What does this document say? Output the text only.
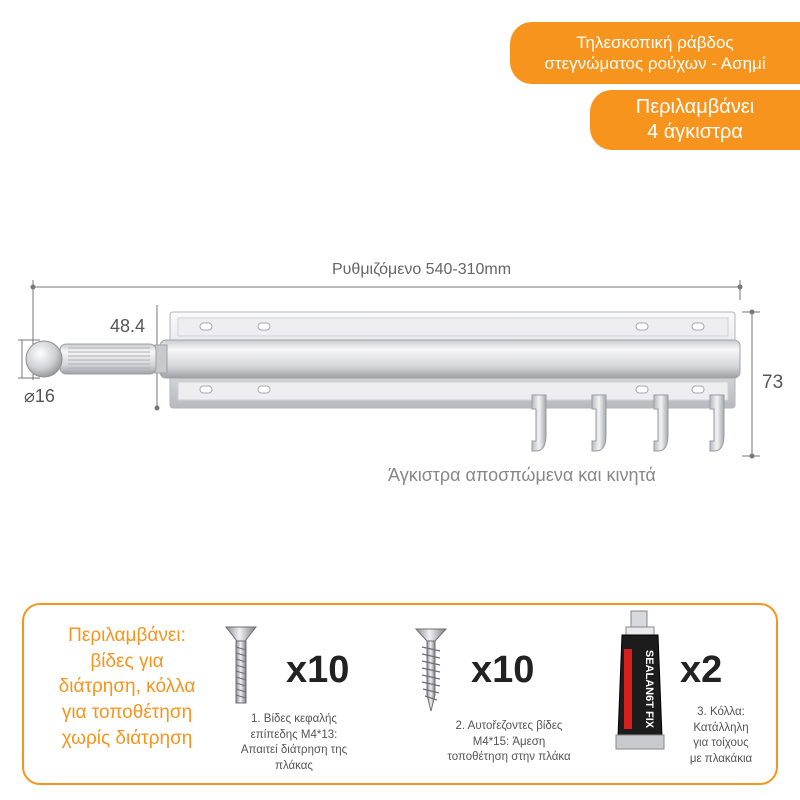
Τηλεσκοπική ράβδος
στεγνώματος ρούχων - Ασημί
Περιλαμβάνει
4 άγκιστρα
Ρυθμιζόμενο 540-310mm
48.4
⌀16
73
Άγκιστρα αποσπώμενα και κινητά
Περιλαμβάνει:
βίδες για
διάτρηση, κόλλα
για τοποθέτηση
χωρίς διάτρηση
x10
1. Βίδες κεφαλής
επίπεδης M4*13:
Απαιτεί διάτρηση της
πλάκας
x10
2. Αυτοřεζοντες βίδες
M4*15: Άμεση
τοποθέτηση στην πλάκα
SEALAN6T FIX x2
3. Κόλλα:
Κατάλληλη
για τοίχους
με πλακάκια
